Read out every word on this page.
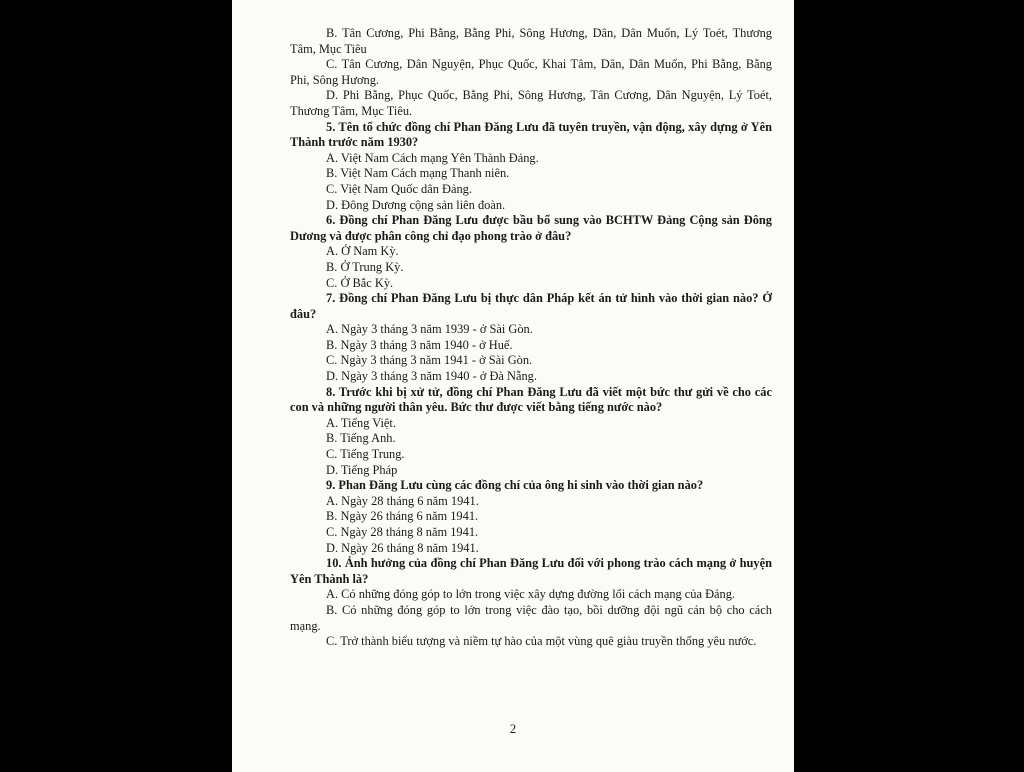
B. Tân Cương, Phi Bằng, Bằng Phi, Sông Hương, Dân, Dân Muốn, Lý Toét, Thương Tâm, Mục Tiêu
C. Tân Cương, Dân Nguyện, Phục Quốc, Khai Tâm, Dân, Dân Muốn, Phi Bằng, Bằng Phi, Sông Hương.
D. Phi Bằng, Phục Quốc, Bằng Phi, Sông Hương, Tân Cương, Dân Nguyện, Lý Toét, Thương Tâm, Mục Tiêu.
5. Tên tổ chức đồng chí Phan Đăng Lưu đã tuyên truyền, vận động, xây dựng ở Yên Thành trước năm 1930?
A. Việt Nam Cách mạng Yên Thành Đảng.
B. Việt Nam Cách mạng Thanh niên.
C. Việt Nam Quốc dân Đảng.
D. Đông Dương cộng sản liên đoàn.
6. Đồng chí Phan Đăng Lưu được bầu bổ sung vào BCHTW Đảng Cộng sản Đông Dương và được phân công chỉ đạo phong trào ở đâu?
A. Ở Nam Kỳ.
B. Ở Trung Kỳ.
C. Ở Bắc Kỳ.
7. Đồng chí Phan Đăng Lưu bị thực dân Pháp kết án tử hình vào thời gian nào? Ở đâu?
A. Ngày 3 tháng 3 năm 1939 - ở Sài Gòn.
B. Ngày 3 tháng 3 năm 1940 - ở Huế.
C. Ngày 3 tháng 3 năm 1941 - ở Sài Gòn.
D. Ngày 3 tháng 3 năm 1940 - ở Đà Nẵng.
8. Trước khi bị xử tử, đồng chí Phan Đăng Lưu đã viết một bức thư gửi về cho các con và những người thân yêu. Bức thư được viết bằng tiếng nước nào?
A. Tiếng Việt.
B. Tiếng Anh.
C. Tiếng Trung.
D. Tiếng Pháp
9. Phan Đăng Lưu cùng các đồng chí của ông hi sinh vào thời gian nào?
A. Ngày 28 tháng 6 năm 1941.
B. Ngày 26 tháng 6 năm 1941.
C. Ngày 28 tháng 8 năm 1941.
D. Ngày 26 tháng 8 năm 1941.
10. Ảnh hưởng của đồng chí Phan Đăng Lưu đối với phong trào cách mạng ở huyện Yên Thành là?
A. Có những đóng góp to lớn trong việc xây dựng đường lối cách mạng của Đảng.
B. Có những đóng góp to lớn trong việc đào tạo, bồi dưỡng đội ngũ cán bộ cho cách mạng.
C. Trở thành biểu tượng và niềm tự hào của một vùng quê giàu truyền thống yêu nước.
2
